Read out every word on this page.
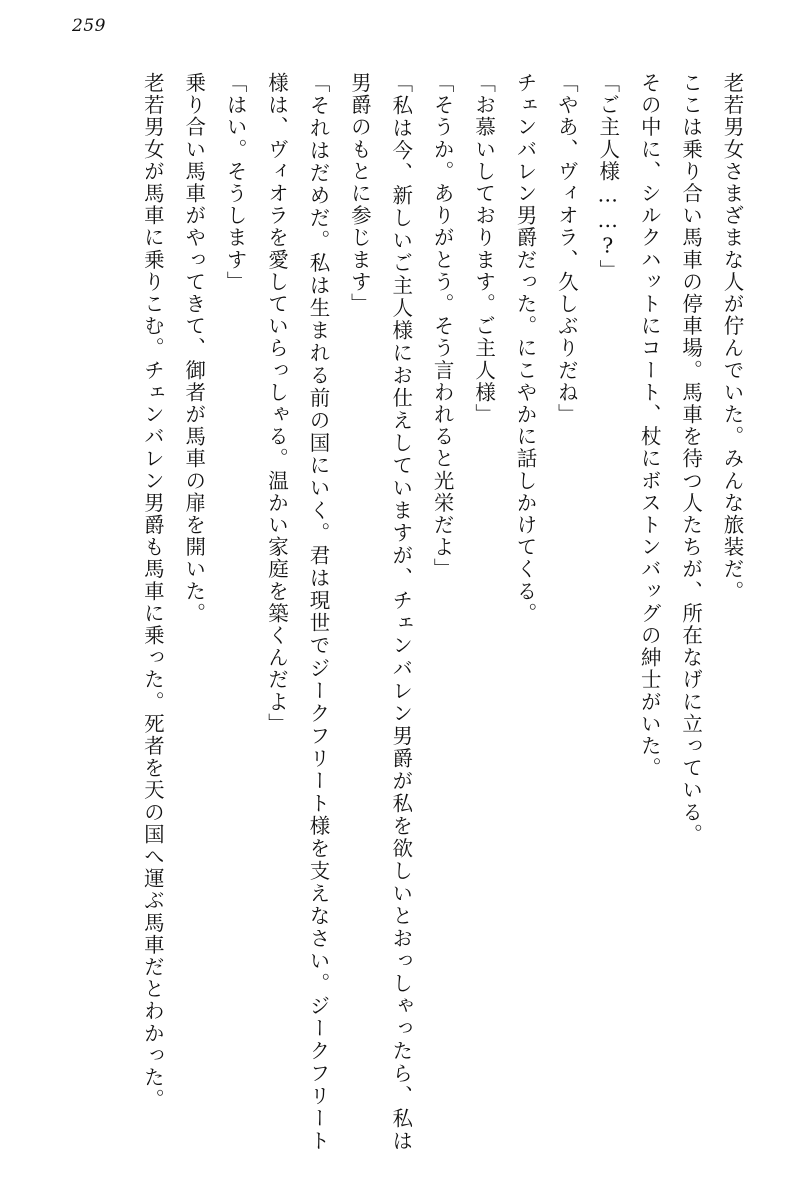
259

老若男女さまざまな人が佇んでいた。みんな旅装だ。

ここは乗り合い馬車の停車場。馬車を待つ人たちが、所在なげに立っている。

その中に、シルクハットにコート、杖にボストンバッグの紳士がいた。

「ご主人様……?」

「やあ、ヴィオラ、久しぶりだね」

チェンバレン男爵だった。にこやかに話しかけてくる。

「お慕いしております。ご主人様」

「そうか。ありがとう。そう言われると光栄だよ」

「私は今、新しいご主人様にお仕えしていますが、チェンバレン男爵が私を欲しいとおっしゃったら、私は男爵のもとに参じます」

「それはだめだ。私は生まれる前の国にいく。君は現世でジークフリート様を支えなさい。ジークフリート様は、ヴィオラを愛していらっしゃる。温かい家庭を築くんだよ」

「はい。そうします」

乗り合い馬車がやってきて、御者が馬車の扉を開いた。

老若男女が馬車に乗りこむ。チェンバレン男爵も馬車に乗った。死者を天の国へ運ぶ馬車だとわかった。
